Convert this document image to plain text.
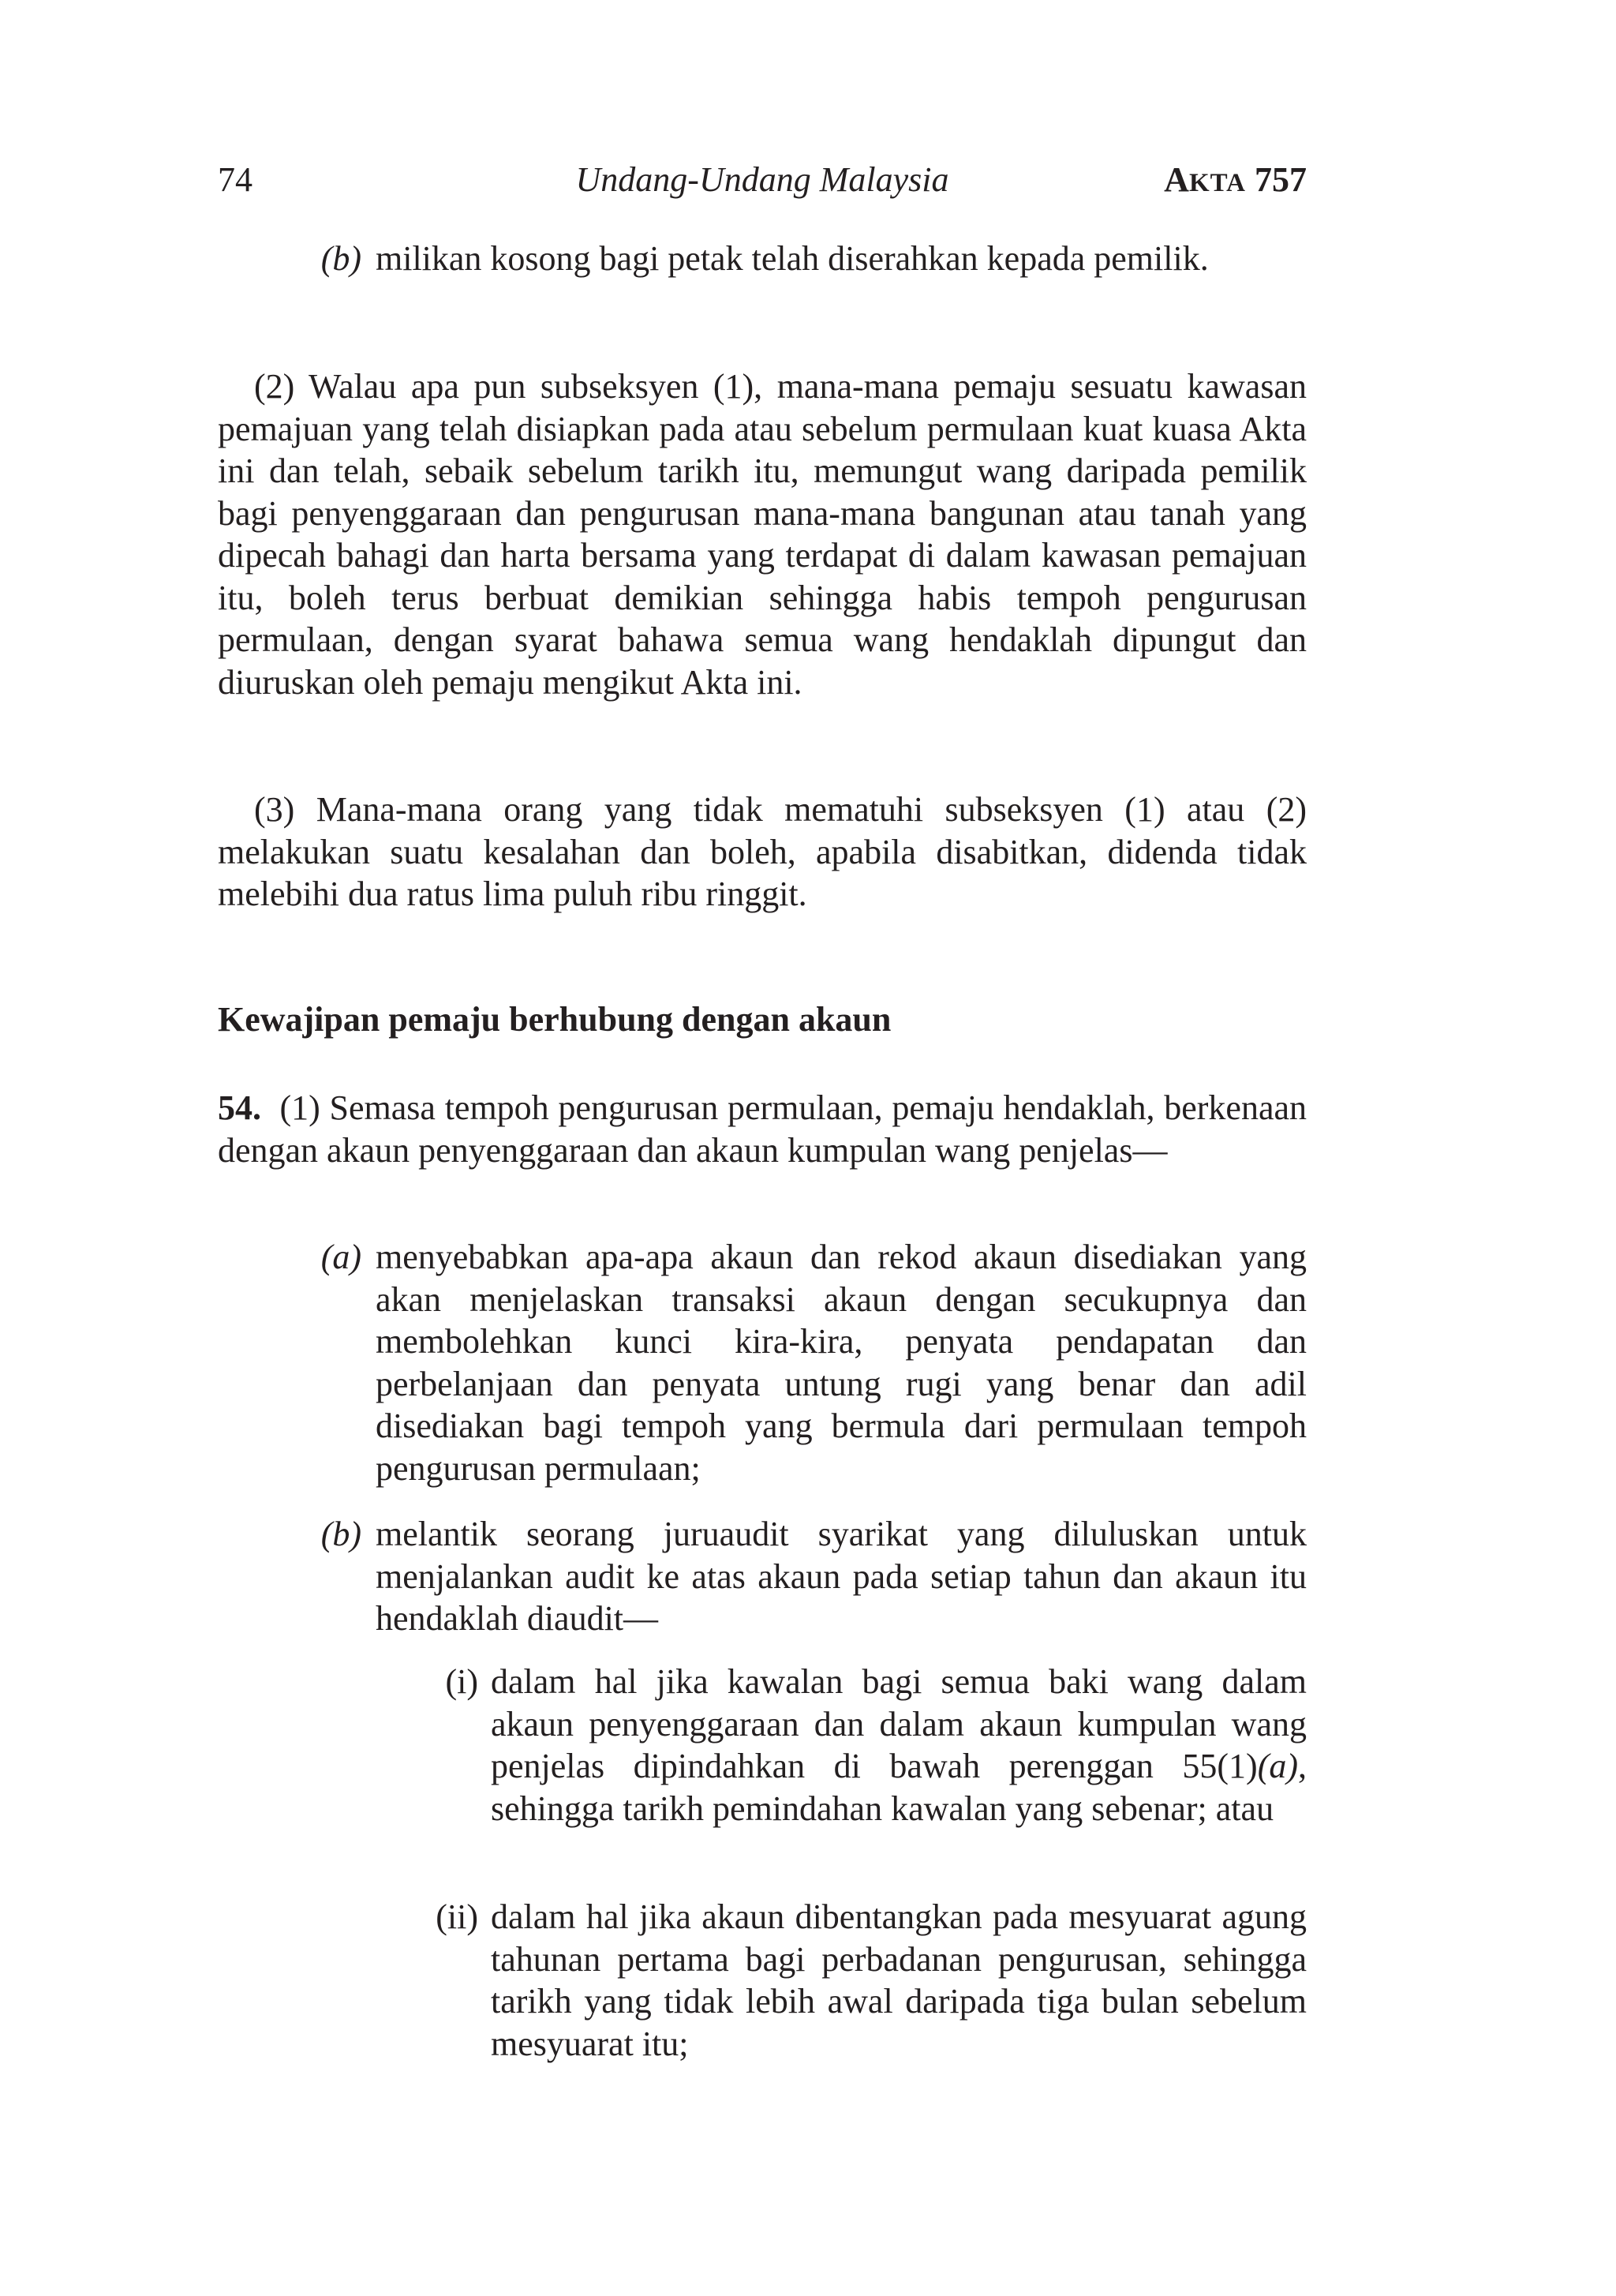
74	Undang-Undang Malaysia	AKTA 757
(b) milikan kosong bagi petak telah diserahkan kepada pemilik.

(2) Walau apa pun subseksyen (1), mana-mana pemaju sesuatu kawasan pemajuan yang telah disiapkan pada atau sebelum permulaan kuat kuasa Akta ini dan telah, sebaik sebelum tarikh itu, memungut wang daripada pemilik bagi penyenggaraan dan pengurusan mana-mana bangunan atau tanah yang dipecah bahagi dan harta bersama yang terdapat di dalam kawasan pemajuan itu, boleh terus berbuat demikian sehingga habis tempoh pengurusan permulaan, dengan syarat bahawa semua wang hendaklah dipungut dan diuruskan oleh pemaju mengikut Akta ini.

(3) Mana-mana orang yang tidak mematuhi subseksyen (1) atau (2) melakukan suatu kesalahan dan boleh, apabila disabitkan, didenda tidak melebihi dua ratus lima puluh ribu ringgit.

Kewajipan pemaju berhubung dengan akaun

54. (1) Semasa tempoh pengurusan permulaan, pemaju hendaklah, berkenaan dengan akaun penyenggaraan dan akaun kumpulan wang penjelas—

(a) menyebabkan apa-apa akaun dan rekod akaun disediakan yang akan menjelaskan transaksi akaun dengan secukupnya dan membolehkan kunci kira-kira, penyata pendapatan dan perbelanjaan dan penyata untung rugi yang benar dan adil disediakan bagi tempoh yang bermula dari permulaan tempoh pengurusan permulaan;
(b) melantik seorang juruaudit syarikat yang diluluskan untuk menjalankan audit ke atas akaun pada setiap tahun dan akaun itu hendaklah diaudit—
(i) dalam hal jika kawalan bagi semua baki wang dalam akaun penyenggaraan dan dalam akaun kumpulan wang penjelas dipindahkan di bawah perenggan 55(1)(a), sehingga tarikh pemindahan kawalan yang sebenar; atau
(ii) dalam hal jika akaun dibentangkan pada mesyuarat agung tahunan pertama bagi perbadanan pengurusan, sehingga tarikh yang tidak lebih awal daripada tiga bulan sebelum mesyuarat itu;
